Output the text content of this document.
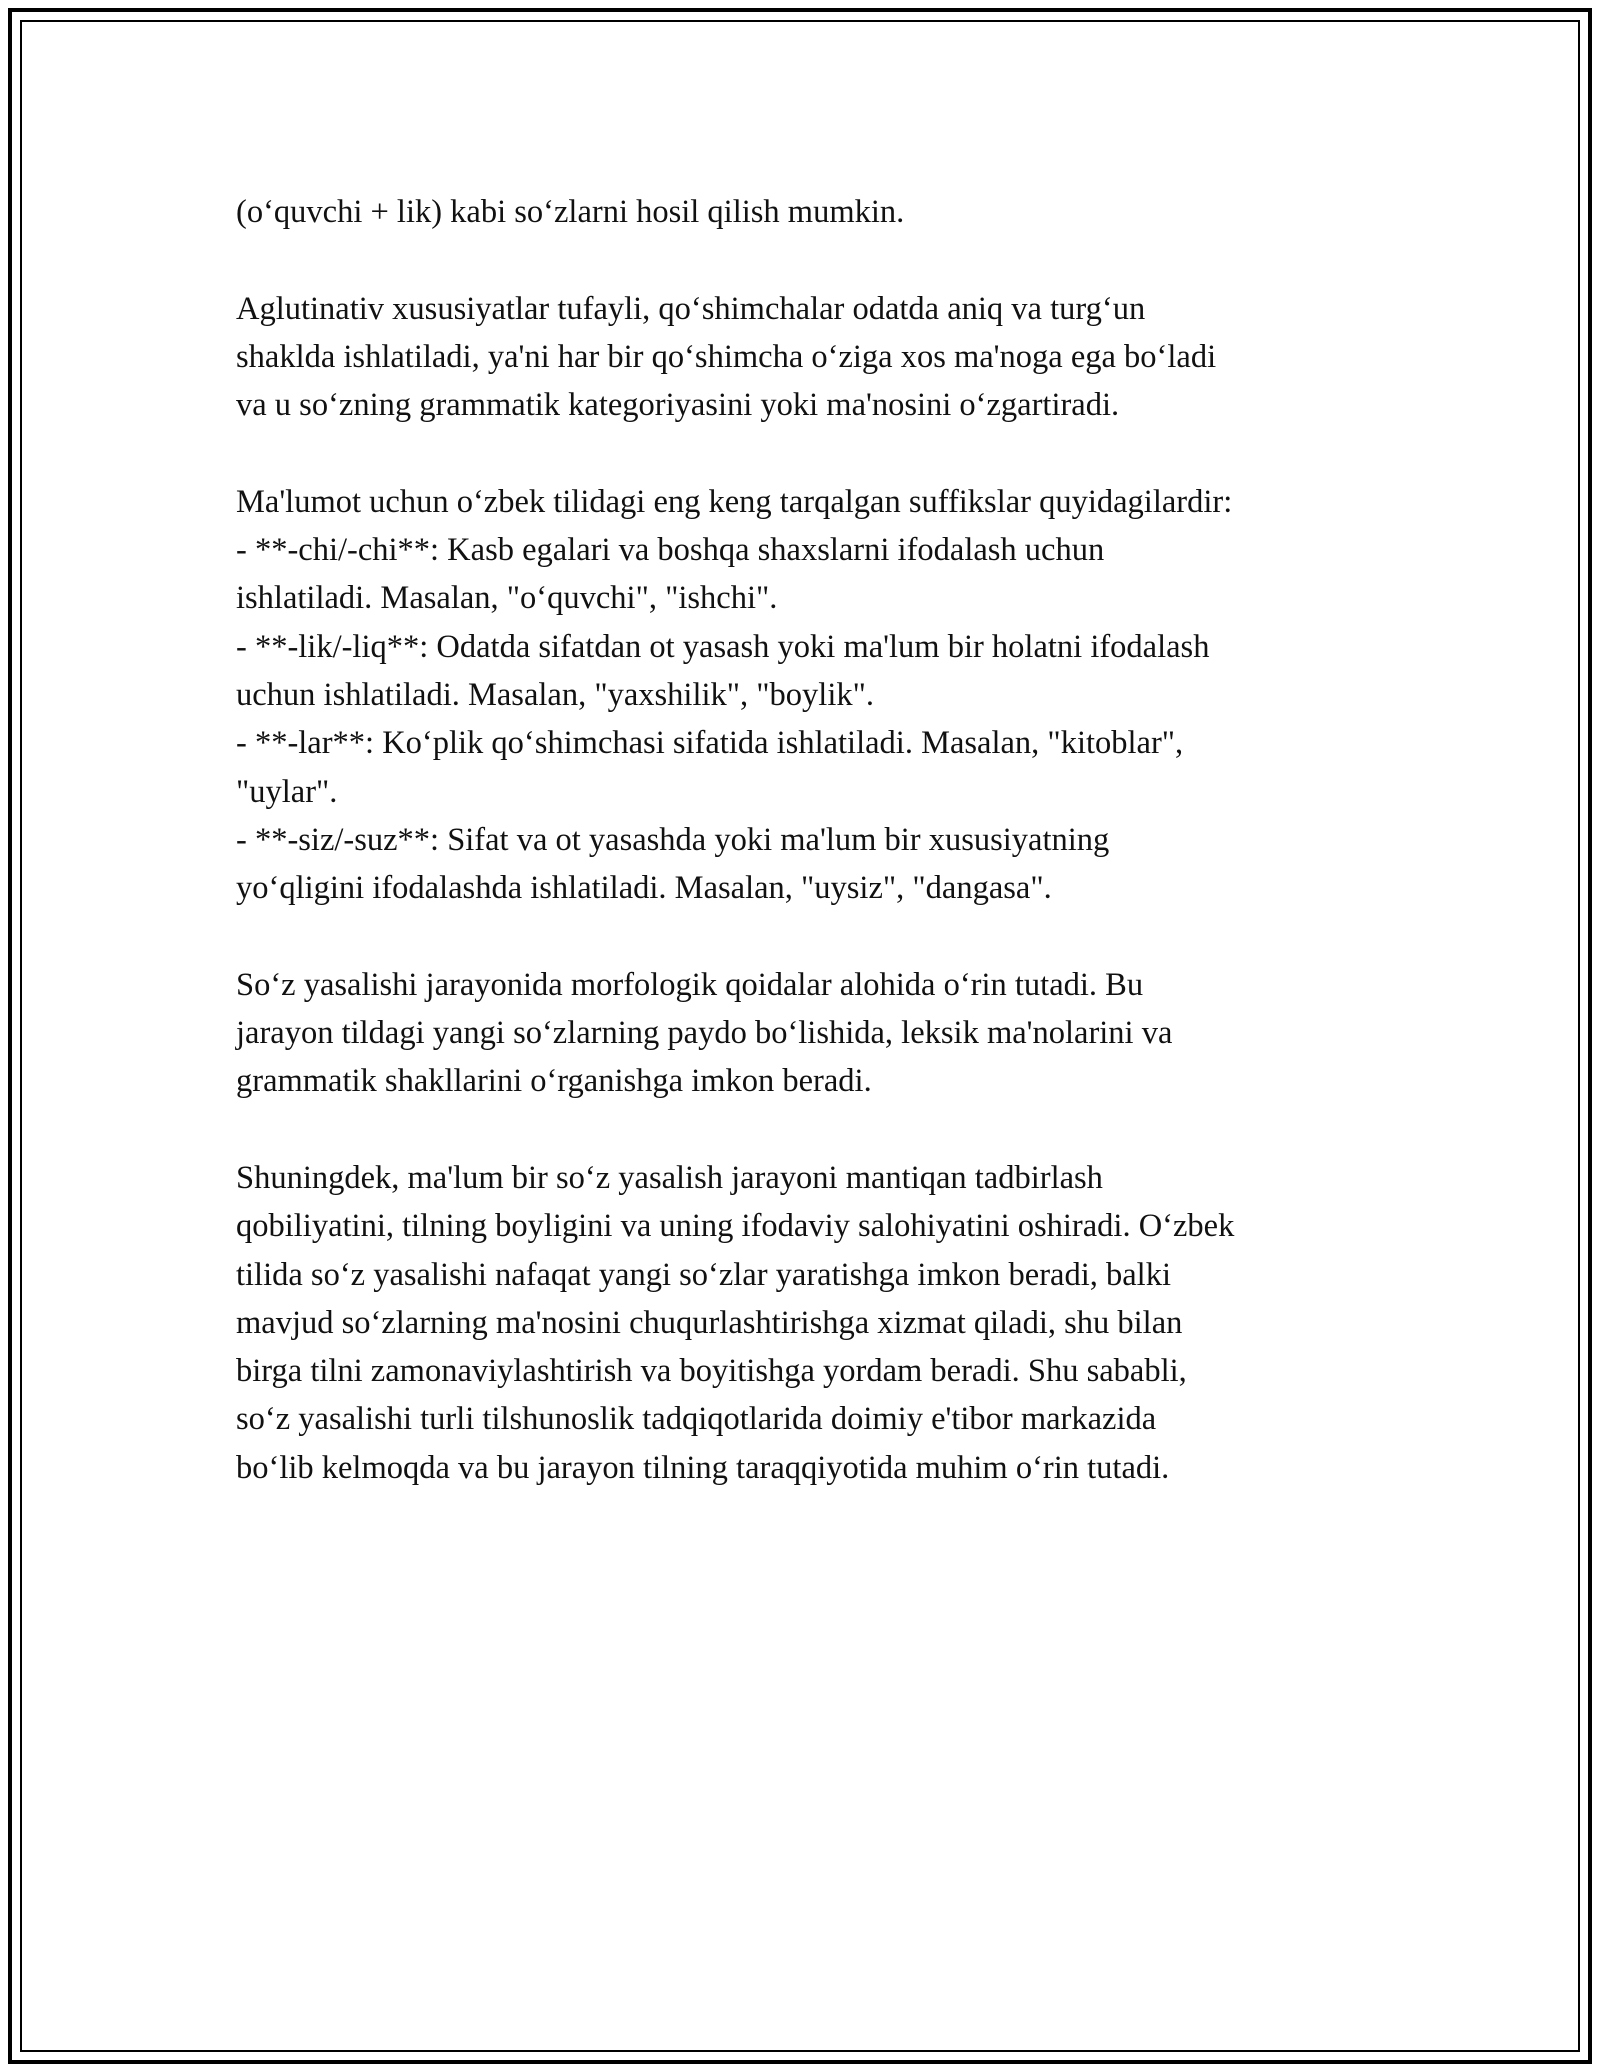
(o‘quvchi + lik) kabi so‘zlarni hosil qilish mumkin.
Aglutinativ xususiyatlar tufayli, qo‘shimchalar odatda aniq va turg‘un
shaklda ishlatiladi, ya'ni har bir qo‘shimcha o‘ziga xos ma'noga ega bo‘ladi
va u so‘zning grammatik kategoriyasini yoki ma'nosini o‘zgartiradi.
Ma'lumot uchun o‘zbek tilidagi eng keng tarqalgan suffikslar quyidagilardir:
- **-chi/-chi**: Kasb egalari va boshqa shaxslarni ifodalash uchun
ishlatiladi. Masalan, "o‘quvchi", "ishchi".
- **-lik/-liq**: Odatda sifatdan ot yasash yoki ma'lum bir holatni ifodalash
uchun ishlatiladi. Masalan, "yaxshilik", "boylik".
- **-lar**: Ko‘plik qo‘shimchasi sifatida ishlatiladi. Masalan, "kitoblar",
"uylar".
- **-siz/-suz**: Sifat va ot yasashda yoki ma'lum bir xususiyatning
yo‘qligini ifodalashda ishlatiladi. Masalan, "uysiz", "dangasa".
So‘z yasalishi jarayonida morfologik qoidalar alohida o‘rin tutadi. Bu
jarayon tildagi yangi so‘zlarning paydo bo‘lishida, leksik ma'nolarini va
grammatik shakllarini o‘rganishga imkon beradi.
Shuningdek, ma'lum bir so‘z yasalish jarayoni mantiqan tadbirlash
qobiliyatini, tilning boyligini va uning ifodaviy salohiyatini oshiradi. O‘zbek
tilida so‘z yasalishi nafaqat yangi so‘zlar yaratishga imkon beradi, balki
mavjud so‘zlarning ma'nosini chuqurlashtirishga xizmat qiladi, shu bilan
birga tilni zamonaviylashtirish va boyitishga yordam beradi. Shu sababli,
so‘z yasalishi turli tilshunoslik tadqiqotlarida doimiy e'tibor markazida
bo‘lib kelmoqda va bu jarayon tilning taraqqiyotida muhim o‘rin tutadi.
